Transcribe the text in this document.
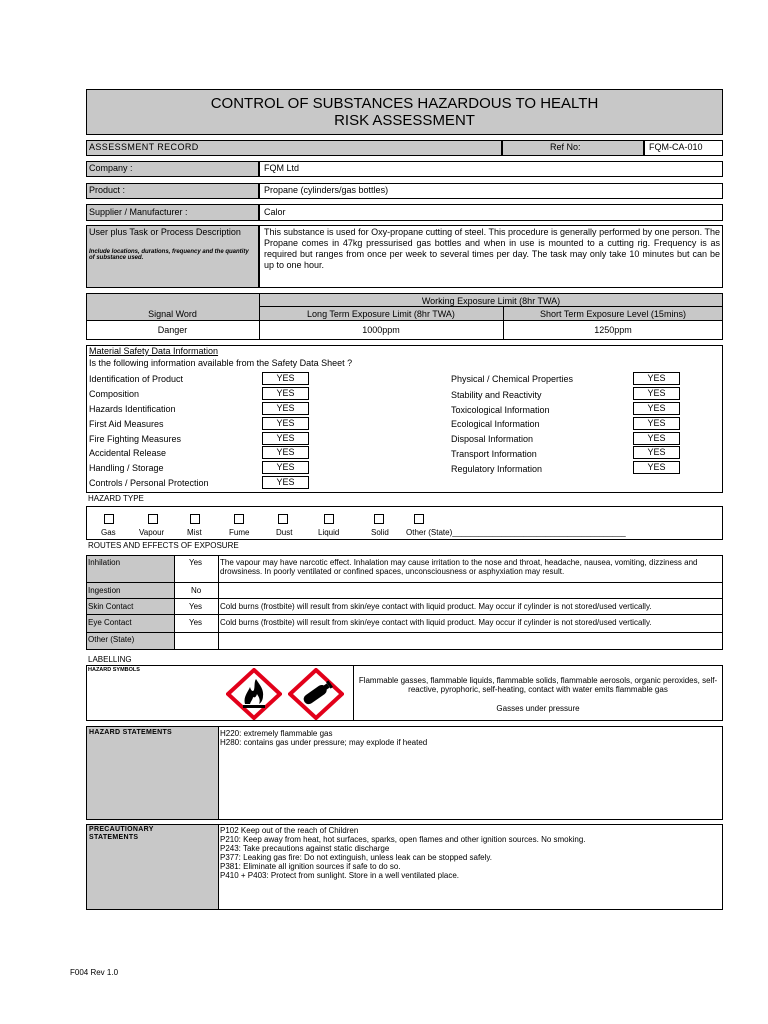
CONTROL OF SUBSTANCES HAZARDOUS TO HEALTH
RISK ASSESSMENT
ASSESSMENT RECORD	Ref No:	FQM-CA-010
Company :	FQM Ltd
Product :	Propane (cylinders/gas bottles)
Supplier / Manufacturer :	Calor
User plus Task or Process Description
Include locations, durations, frequency and the quantity of substance used.
This substance is used for Oxy-propane cutting of steel. This procedure is generally performed by one person. The Propane comes in 47kg pressurised gas bottles and when in use is mounted to a cutting rig. Frequency is as required but ranges from once per week to several times per day. The task may only take 10 minutes but can be up to one hour.
Working Exposure Limit (8hr TWA)
Signal Word	Long Term Exposure Limit (8hr TWA)	Short Term Exposure Level (15mins)
Danger	1000ppm	1250ppm
Material Safety Data Information
Is the following information available from the Safety Data Sheet ?
Identification of Product	YES
Composition	YES
Hazards Identification	YES
First Aid Measures	YES
Fire Fighting Measures	YES
Accidental Release	YES
Handling / Storage	YES
Controls / Personal Protection	YES
Physical / Chemical Properties	YES
Stability and Reactivity	YES
Toxicological Information	YES
Ecological Information	YES
Disposal Information	YES
Transport Information	YES
Regulatory Information	YES
HAZARD TYPE
Gas	Vapour	Mist	Fume	Dust	Liquid	Solid Other (State)_______________________________________
ROUTES AND EFFECTS OF EXPOSURE
Inhilation	Yes The vapour may have narcotic effect. Inhalation may cause irritation to the nose and throat, headache, nausea, vomiting, dizziness and drowsiness. In poorly ventilated or confined spaces, unconsciousness or asphyxiation may result.
Ingestion	No
Skin Contact	Yes Cold burns (frostbite) will result from skin/eye contact with liquid product. May occur if cylinder is not stored/used vertically.
Eye Contact	Yes Cold burns (frostbite) will result from skin/eye contact with liquid product. May occur if cylinder is not stored/used vertically.
Other (State)
LABELLING
HAZARD SYMBOLS
Flammable gasses, flammable liquids, flammable solids, flammable aerosols, organic peroxides, self-reactive, pyrophoric, self-heating, contact with water emits flammable gas
Gasses under pressure
HAZARD STATEMENTS	H220: extremely flammable gas
H280: contains gas under pressure; may explode if heated
PRECAUTIONARY STATEMENTS
P102 Keep out of the reach of Children
P210: Keep away from heat, hot surfaces, sparks, open flames and other ignition sources. No smoking.
P243: Take precautions against static discharge
P377: Leaking gas fire: Do not extinguish, unless leak can be stopped safely.
P381: Eliminate all ignition sources if safe to do so.
P410 + P403: Protect from sunlight. Store in a well ventilated place.
F004 Rev 1.0
